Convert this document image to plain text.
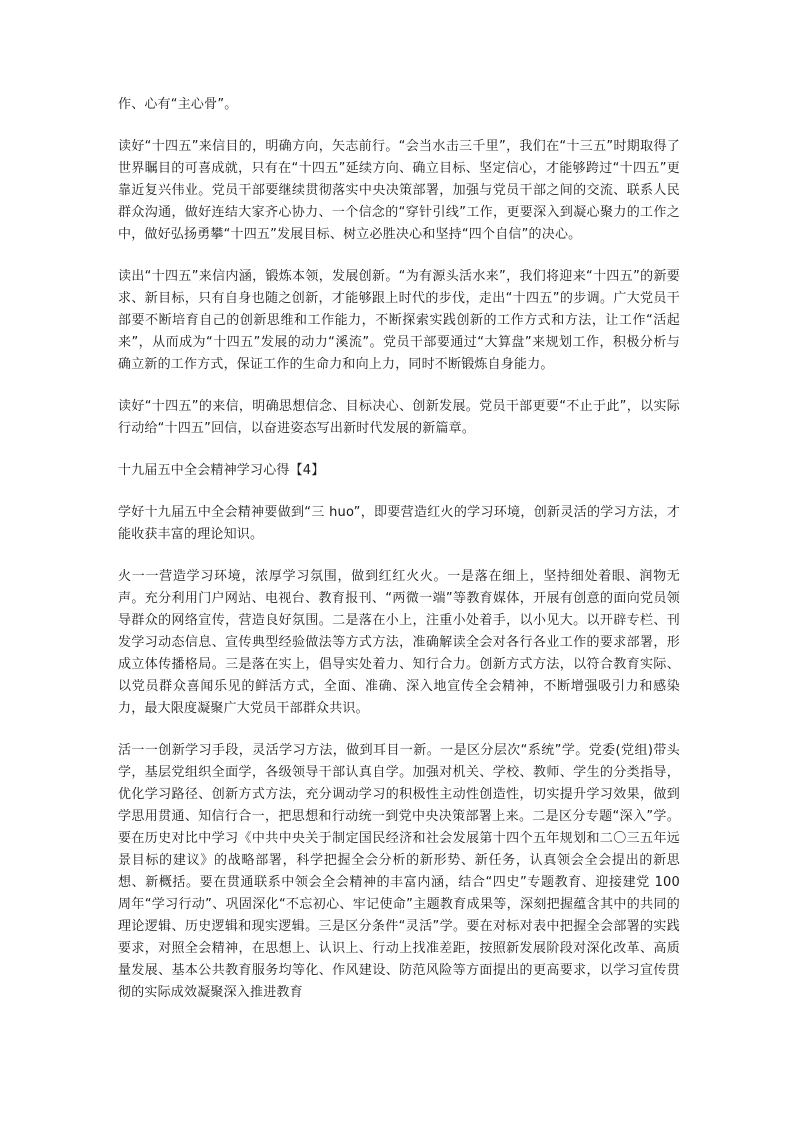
作、心有“主心骨”。

读好“十四五”来信目的，明确方向，矢志前行。“会当水击三千里”，我们在“十三五”时期取得了世界瞩目的可喜成就，只有在“十四五”延续方向、确立目标、坚定信心，才能够跨过“十四五”更靠近复兴伟业。党员干部要继续贯彻落实中央决策部署，加强与党员干部之间的交流、联系人民群众沟通，做好连结大家齐心协力、一个信念的“穿针引线”工作，更要深入到凝心聚力的工作之中，做好弘扬勇攀“十四五”发展目标、树立必胜决心和坚持“四个自信”的决心。

读出“十四五”来信内涵，锻炼本领，发展创新。“为有源头活水来”，我们将迎来“十四五”的新要求、新目标，只有自身也随之创新，才能够跟上时代的步伐，走出“十四五”的步调。广大党员干部要不断培育自己的创新思维和工作能力，不断探索实践创新的工作方式和方法，让工作“活起来”，从而成为“十四五”发展的动力“溪流”。党员干部要通过“大算盘”来规划工作，积极分析与确立新的工作方式，保证工作的生命力和向上力，同时不断锻炼自身能力。

读好“十四五”的来信，明确思想信念、目标决心、创新发展。党员干部更要“不止于此”，以实际行动给“十四五”回信，以奋进姿态写出新时代发展的新篇章。

十九届五中全会精神学习心得【4】

学好十九届五中全会精神要做到“三 huo”，即要营造红火的学习环境，创新灵活的学习方法，才能收获丰富的理论知识。

火一一营造学习环境，浓厚学习氛围，做到红红火火。一是落在细上，坚持细处着眼、润物无声。充分利用门户网站、电视台、教育报刊、“两微一端”等教育媒体，开展有创意的面向党员领导群众的网络宣传，营造良好氛围。二是落在小上，注重小处着手，以小见大。以开辟专栏、刊发学习动态信息、宣传典型经验做法等方式方法，准确解读全会对各行各业工作的要求部署，形成立体传播格局。三是落在实上，倡导实处着力、知行合力。创新方式方法，以符合教育实际、以党员群众喜闻乐见的鲜活方式，全面、准确、深入地宣传全会精神，不断增强吸引力和感染力，最大限度凝聚广大党员干部群众共识。

活一一创新学习手段，灵活学习方法，做到耳目一新。一是区分层次“系统”学。党委(党组)带头学，基层党组织全面学，各级领导干部认真自学。加强对机关、学校、教师、学生的分类指导，优化学习路径、创新方式方法，充分调动学习的积极性主动性创造性，切实提升学习效果，做到学思用贯通、知信行合一，把思想和行动统一到党中央决策部署上来。二是区分专题“深入”学。要在历史对比中学习《中共中央关于制定国民经济和社会发展第十四个五年规划和二〇三五年远景目标的建议》的战略部署，科学把握全会分析的新形势、新任务，认真领会全会提出的新思想、新概括。要在贯通联系中领会全会精神的丰富内涵，结合“四史”专题教育、迎接建党 100 周年“学习行动”、巩固深化“不忘初心、牢记使命”主题教育成果等，深刻把握蕴含其中的共同的理论逻辑、历史逻辑和现实逻辑。三是区分条件“灵活”学。要在对标对表中把握全会部署的实践要求，对照全会精神，在思想上、认识上、行动上找准差距，按照新发展阶段对深化改革、高质量发展、基本公共教育服务均等化、作风建设、防范风险等方面提出的更高要求，以学习宣传贯彻的实际成效凝聚深入推进教育
